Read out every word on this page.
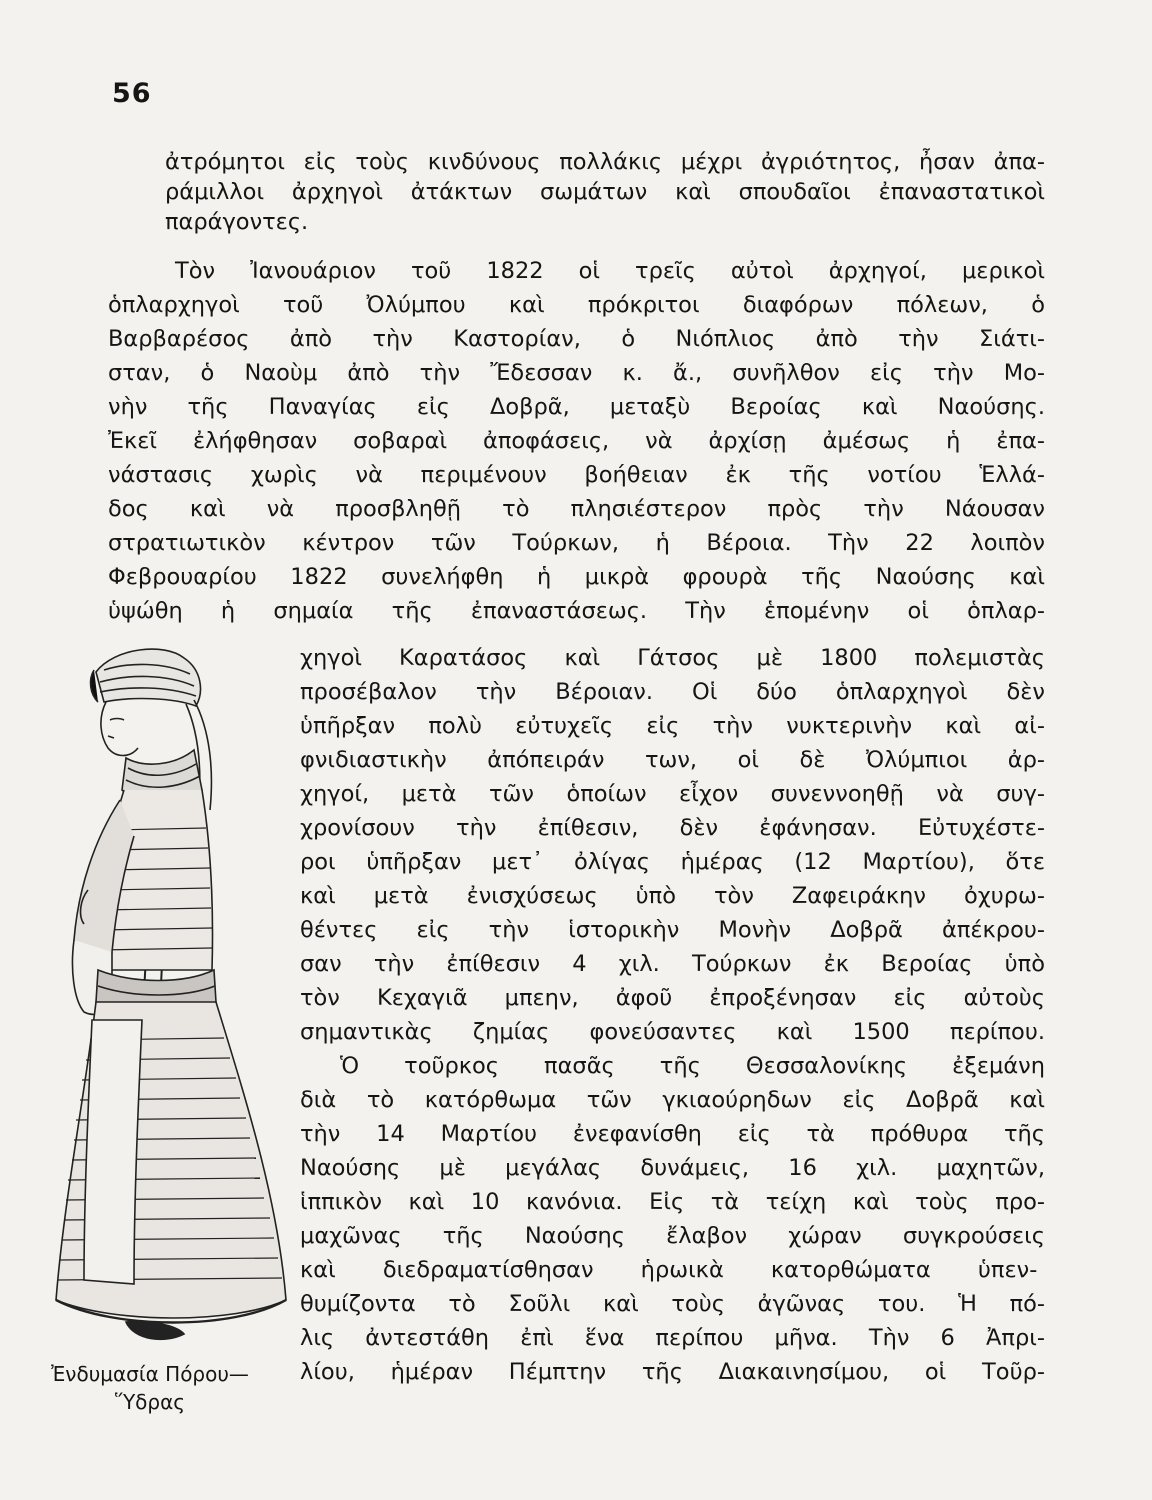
56
ἀτρόμητοι εἰς τοὺς κινδύνους πολλάκις μέχρι ἀγριότητος, ἦσαν ἀπα-
ράμιλλοι ἀρχηγοὶ ἀτάκτων σωμάτων καὶ σπουδαῖοι ἐπαναστατικοὶ
παράγοντες.
Τὸν Ἰανουάριον τοῦ 1822 οἱ τρεῖς αὐτοὶ ἀρχηγοί, μερικοὶ
ὁπλαρχηγοὶ τοῦ Ὀλύμπου καὶ πρόκριτοι διαφόρων πόλεων, ὁ
Βαρβαρέσος ἀπὸ τὴν Καστορίαν, ὁ Νιόπλιος ἀπὸ τὴν Σιάτι-
σταν, ὁ Ναοὺμ ἀπὸ τὴν Ἔδεσσαν κ. ἄ., συνῆλθον εἰς τὴν Μο-
νὴν τῆς Παναγίας εἰς Δοβρᾶ, μεταξὺ Βεροίας καὶ Ναούσης.
Ἐκεῖ ἐλήφθησαν σοβαραὶ ἀποφάσεις, νὰ ἀρχίσῃ ἀμέσως ἡ ἐπα-
νάστασις χωρὶς νὰ περιμένουν βοήθειαν ἐκ τῆς νοτίου Ἑλλά-
δος καὶ νὰ προσβληθῇ τὸ πλησιέστερον πρὸς τὴν Νάουσαν
στρατιωτικὸν κέντρον τῶν Τούρκων, ἡ Βέροια. Τὴν 22 λοιπὸν
Φεβρουαρίου 1822 συνελήφθη ἡ μικρὰ φρουρὰ τῆς Ναούσης καὶ
ὑψώθη ἡ σημαία τῆς ἐπαναστάσεως. Τὴν ἑπομένην οἱ ὁπλαρ-
χηγοὶ Καρατάσος καὶ Γάτσος μὲ 1800 πολεμιστὰς
προσέβαλον τὴν Βέροιαν. Οἱ δύο ὁπλαρχηγοὶ δὲν
ὑπῆρξαν πολὺ εὐτυχεῖς εἰς τὴν νυκτερινὴν καὶ αἰ-
φνιδιαστικὴν ἀπόπειράν των, οἱ δὲ Ὀλύμπιοι ἀρ-
χηγοί, μετὰ τῶν ὁποίων εἶχον συνεννοηθῇ νὰ συγ-
χρονίσουν τὴν ἐπίθεσιν, δὲν ἐφάνησαν. Εὐτυχέστε-
ροι ὑπῆρξαν μετ᾽ ὀλίγας ἡμέρας (12 Μαρτίου), ὅτε
καὶ μετὰ ἐνισχύσεως ὑπὸ τὸν Ζαφειράκην ὀχυρω-
θέντες εἰς τὴν ἱστορικὴν Μονὴν Δοβρᾶ ἀπέκρου-
σαν τὴν ἐπίθεσιν 4 χιλ. Τούρκων ἐκ Βεροίας ὑπὸ
τὸν Κεχαγιᾶ μπεην, ἀφοῦ ἐπροξένησαν εἰς αὐτοὺς
σημαντικὰς ζημίας φονεύσαντες καὶ 1500 περίπου.
Ὁ τοῦρκος πασᾶς τῆς Θεσσαλονίκης ἐξεμάνη
διὰ τὸ κατόρθωμα τῶν γκιαούρηδων εἰς Δοβρᾶ καὶ
τὴν 14 Μαρτίου ἐνεφανίσθη εἰς τὰ πρόθυρα τῆς
Ναούσης μὲ μεγάλας δυνάμεις, 16 χιλ. μαχητῶν,
ἱππικὸν καὶ 10 κανόνια. Εἰς τὰ τείχη καὶ τοὺς προ-
μαχῶνας τῆς Ναούσης ἔλαβον χώραν συγκρούσεις
καὶ διεδραματίσθησαν ἡρωικὰ κατορθώματα ὑπεν-
θυμίζοντα τὸ Σοῦλι καὶ τοὺς ἀγῶνας του. Ἡ πό-
λις ἀντεστάθη ἐπὶ ἕνα περίπου μῆνα. Τὴν 6 Ἀπρι-
λίου, ἡμέραν Πέμπτην τῆς Διακαινησίμου, οἱ Τοῦρ-
Ἐνδυμασία Πόρου—
Ὕδρας
